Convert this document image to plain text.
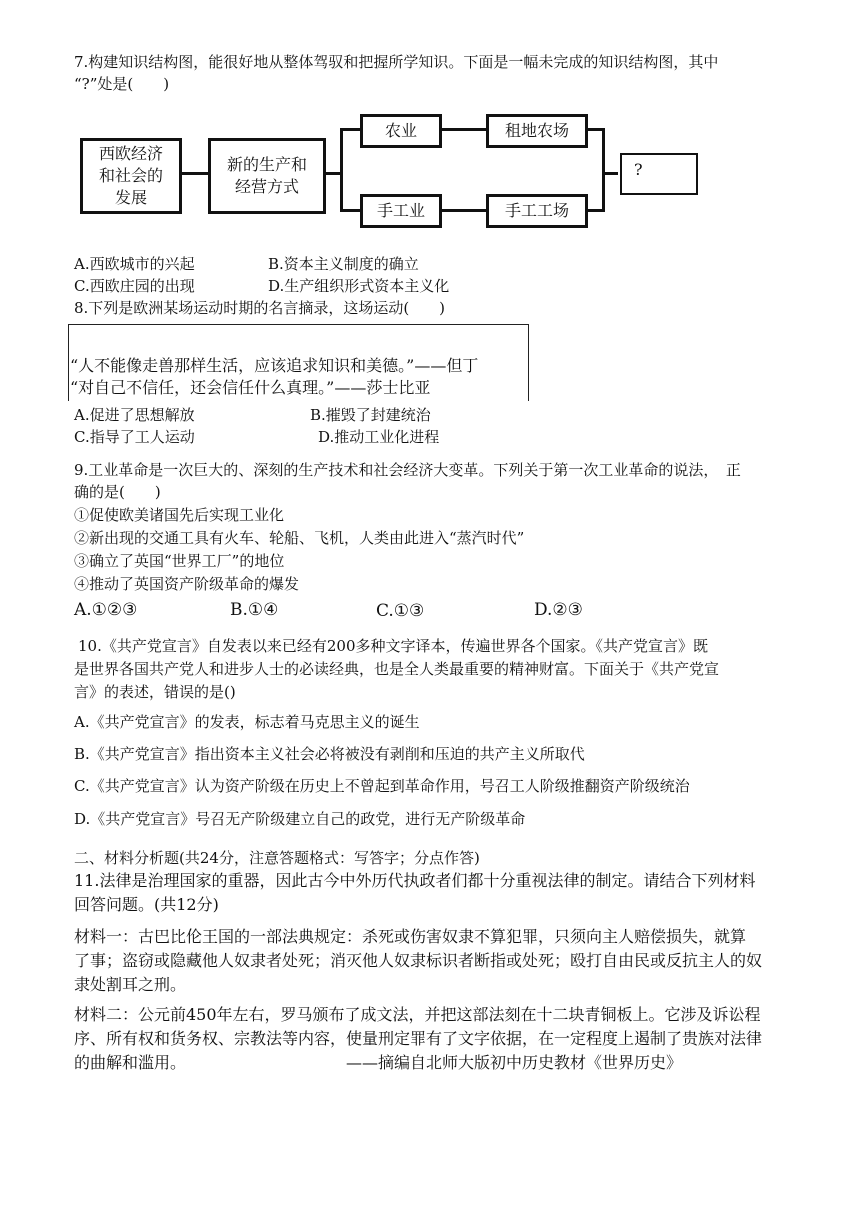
7.构建知识结构图，能很好地从整体驾驭和把握所学知识。下面是一幅未完成的知识结构图，其中
“?”处是(　　)
西欧经济
和社会的
发展
新的生产和
经营方式
农业	租地农场
手工业	手工工场
?
A.西欧城市的兴起	B.资本主义制度的确立
C.西欧庄园的出现	D.生产组织形式资本主义化
8.下列是欧洲某场运动时期的名言摘录，这场运动(　　)
“人不能像走兽那样生活，应该追求知识和美德。”——但丁
“对自己不信任，还会信任什么真理。”——莎士比亚
A.促进了思想解放	B.摧毁了封建统治
C.指导了工人运动	D.推动工业化进程
9.工业革命是一次巨大的、深刻的生产技术和社会经济大变革。下列关于第一次工业革命的说法，　正
确的是(　　)
①促使欧美诸国先后实现工业化
②新出现的交通工具有火车、轮船、飞机，人类由此进入“蒸汽时代”
③确立了英国“世界工厂”的地位
④推动了英国资产阶级革命的爆发
A.①②③	B.①④	C.①③	D.②③
10.《共产党宣言》自发表以来已经有200多种文字译本，传遍世界各个国家。《共产党宣言》既
是世界各国共产党人和进步人士的必读经典，也是全人类最重要的精神财富。下面关于《共产党宣
言》的表述，错误的是()
A.《共产党宣言》的发表，标志着马克思主义的诞生
B.《共产党宣言》指出资本主义社会必将被没有剥削和压迫的共产主义所取代
C.《共产党宣言》认为资产阶级在历史上不曾起到革命作用，号召工人阶级推翻资产阶级统治
D.《共产党宣言》号召无产阶级建立自己的政党，进行无产阶级革命
二、材料分析题(共24分，注意答题格式：写答字；分点作答)
11.法律是治理国家的重器，因此古今中外历代执政者们都十分重视法律的制定。请结合下列材料
回答问题。(共12分)
材料一：古巴比伦王国的一部法典规定：杀死或伤害奴隶不算犯罪，只须向主人赔偿损失，就算
了事；盗窃或隐藏他人奴隶者处死；消灭他人奴隶标识者断指或处死；殴打自由民或反抗主人的奴
隶处割耳之刑。
材料二：公元前450年左右，罗马颁布了成文法，并把这部法刻在十二块青铜板上。它涉及诉讼程
序、所有权和货务权、宗教法等内容，使量刑定罪有了文字依据，在一定程度上遏制了贵族对法律
的曲解和滥用。	——摘编自北师大版初中历史教材《世界历史》
